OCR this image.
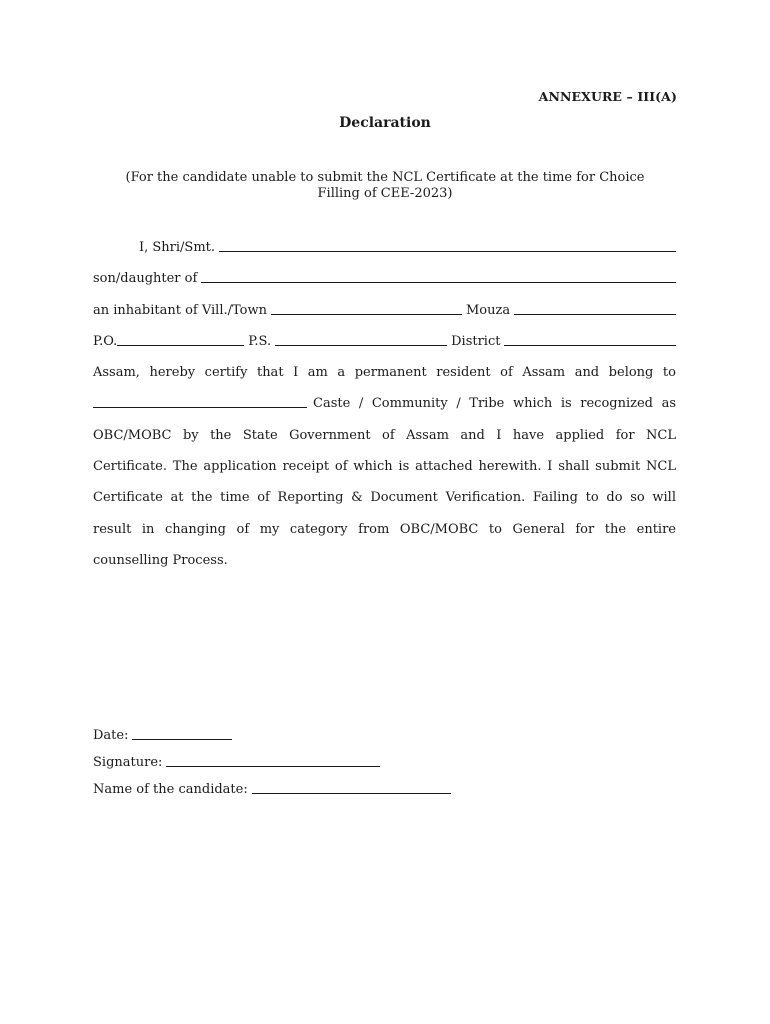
ANNEXURE – III(A)
Declaration
(For the candidate unable to submit the NCL Certificate at the time for Choice
Filling of CEE-2023)
I, Shri/Smt.
son/daughter of
an inhabitant of Vill./Town	Mouza
P.O.	P.S.	District
Assam, hereby certify that I am a permanent resident of Assam and belong to
Caste / Community / Tribe which is recognized as
OBC/MOBC by the State Government of Assam and I have applied for NCL
Certificate. The application receipt of which is attached herewith. I shall submit NCL
Certificate at the time of Reporting & Document Verification. Failing to do so will
result in changing of my category from OBC/MOBC to General for the entire
counselling Process.
Date:
Signature:
Name of the candidate:
